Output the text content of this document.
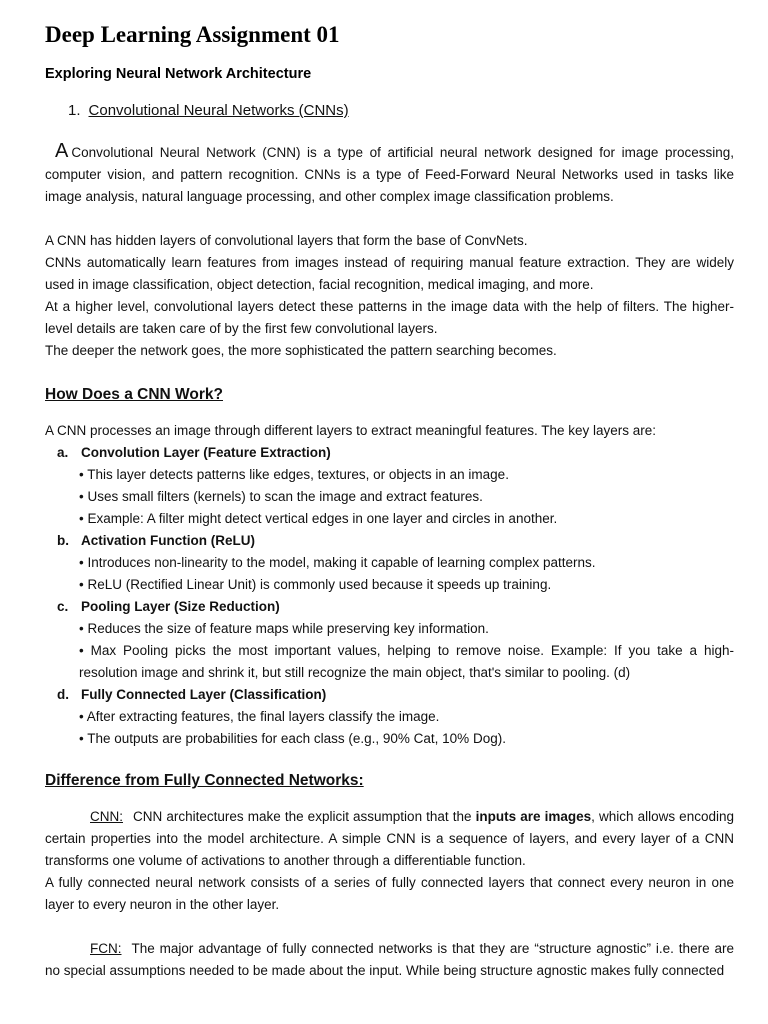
Deep Learning Assignment 01
Exploring Neural Network Architecture

1. Convolutional Neural Networks (CNNs)

A Convolutional Neural Network (CNN) is a type of artificial neural network designed for image processing, computer vision, and pattern recognition. CNNs is a type of Feed-Forward Neural Networks used in tasks like image analysis, natural language processing, and other complex image classification problems.

A CNN has hidden layers of convolutional layers that form the base of ConvNets.

CNNs automatically learn features from images instead of requiring manual feature extraction. They are widely used in image classification, object detection, facial recognition, medical imaging, and more.

At a higher level, convolutional layers detect these patterns in the image data with the help of filters. The higher-level details are taken care of by the first few convolutional layers.

The deeper the network goes, the more sophisticated the pattern searching becomes.

How Does a CNN Work?

A CNN processes an image through different layers to extract meaningful features. The key layers are:

a. Convolution Layer (Feature Extraction)

• This layer detects patterns like edges, textures, or objects in an image.

• Uses small filters (kernels) to scan the image and extract features.

• Example: A filter might detect vertical edges in one layer and circles in another.

b. Activation Function (ReLU)

• Introduces non-linearity to the model, making it capable of learning complex patterns.

• ReLU (Rectified Linear Unit) is commonly used because it speeds up training.

c. Pooling Layer (Size Reduction)

• Reduces the size of feature maps while preserving key information.

• Max Pooling picks the most important values, helping to remove noise. Example: If you take a high-resolution image and shrink it, but still recognize the main object, that's similar to pooling. (d)

d. Fully Connected Layer (Classification)

• After extracting features, the final layers classify the image.

• The outputs are probabilities for each class (e.g., 90% Cat, 10% Dog).

Difference from Fully Connected Networks:

CNN: CNN architectures make the explicit assumption that the inputs are images, which allows encoding certain properties into the model architecture. A simple CNN is a sequence of layers, and every layer of a CNN transforms one volume of activations to another through a differentiable function.

A fully connected neural network consists of a series of fully connected layers that connect every neuron in one layer to every neuron in the other layer.

FCN: The major advantage of fully connected networks is that they are “structure agnostic” i.e. there are no special assumptions needed to be made about the input. While being structure agnostic makes fully connected
